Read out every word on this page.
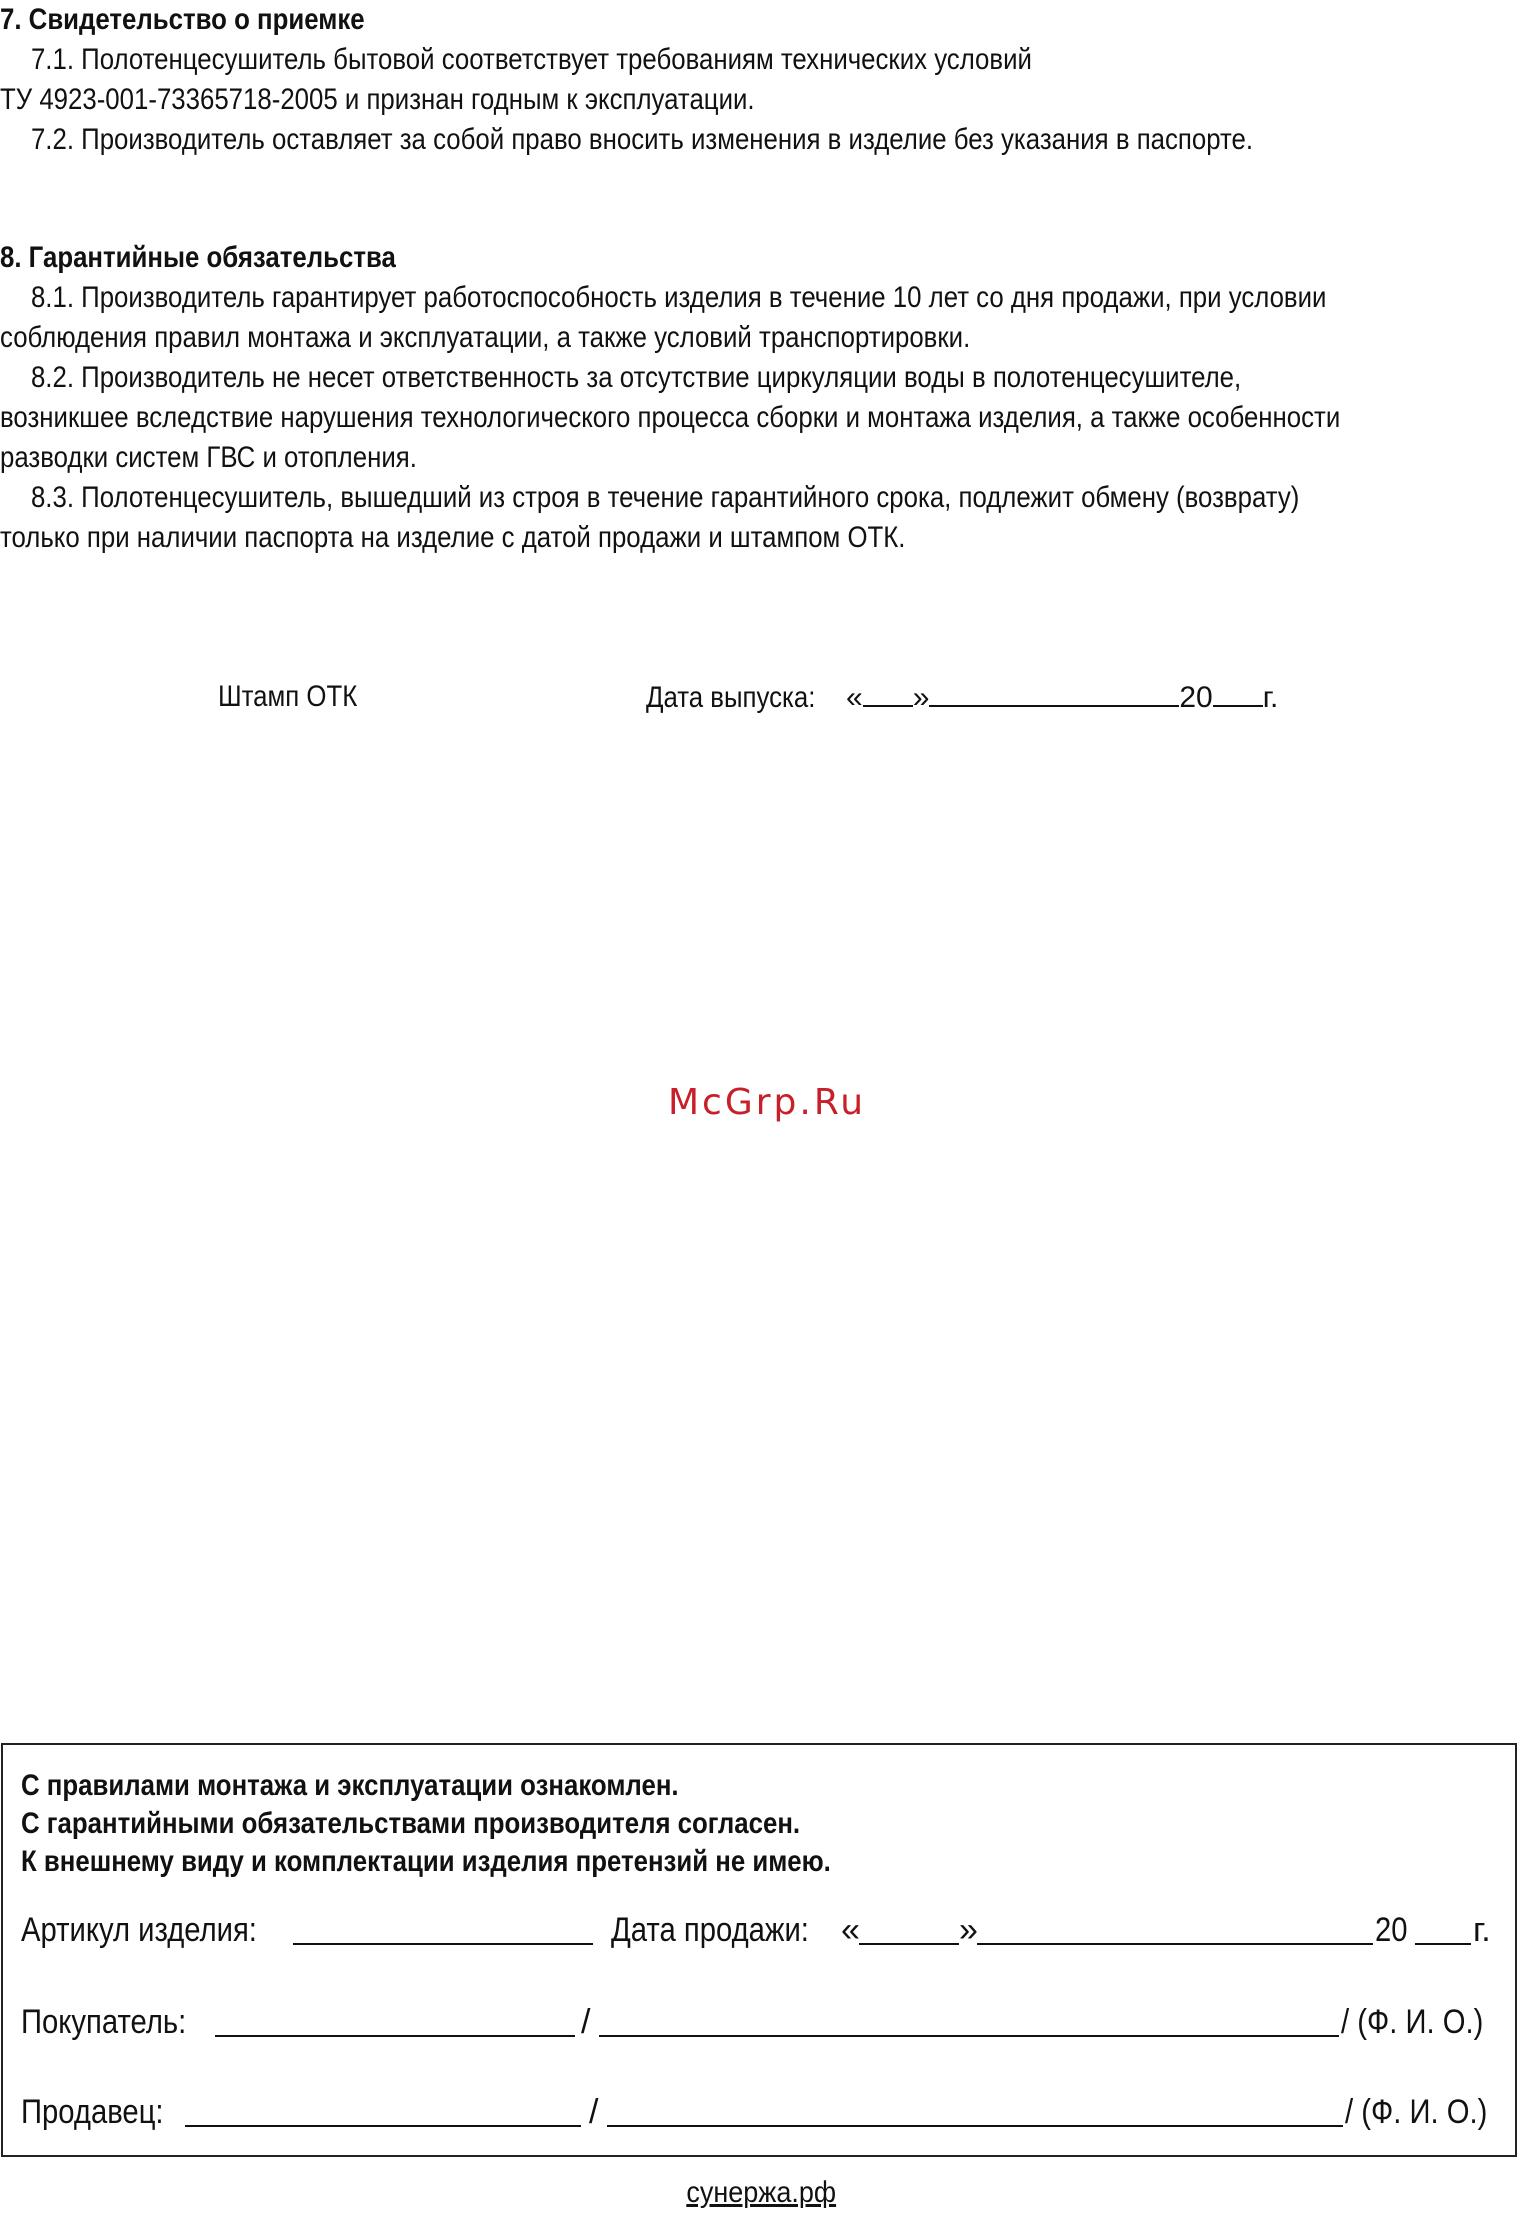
7. Свидетельство о приемке

7.1. Полотенцесушитель бытовой соответствует требованиям технических условий

ТУ 4923-001-73365718-2005 и признан годным к эксплуатации.

7.2. Производитель оставляет за собой право вносить изменения в изделие без указания в паспорте.

8. Гарантийные обязательства

8.1. Производитель гарантирует работоспособность изделия в течение 10 лет со дня продажи, при условии

соблюдения правил монтажа и эксплуатации, а также условий транспортировки.

8.2. Производитель не несет ответственность за отсутствие циркуляции воды в полотенцесушителе,

возникшее вследствие нарушения технологического процесса сборки и монтажа изделия, а также особенности

разводки систем ГВС и отопления.

8.3. Полотенцесушитель, вышедший из строя в течение гарантийного срока, подлежит обмену (возврату)

только при наличии паспорта на изделие с датой продажи и штампом ОТК.

Штамп ОТК	Дата выпуска: « »	20 г.
McGrp.Ru
С правилами монтажа и эксплуатации ознакомлен.
С гарантийными обязательствами производителя согласен.
К внешнему виду и комплектации изделия претензий не имею.
Артикул изделия:	Дата продажи: «	»	20 г.
Покупатель:	/	/ (Ф. И. О.)
Продавец:	/	/ (Ф. И. О.)
сунержа.рф
